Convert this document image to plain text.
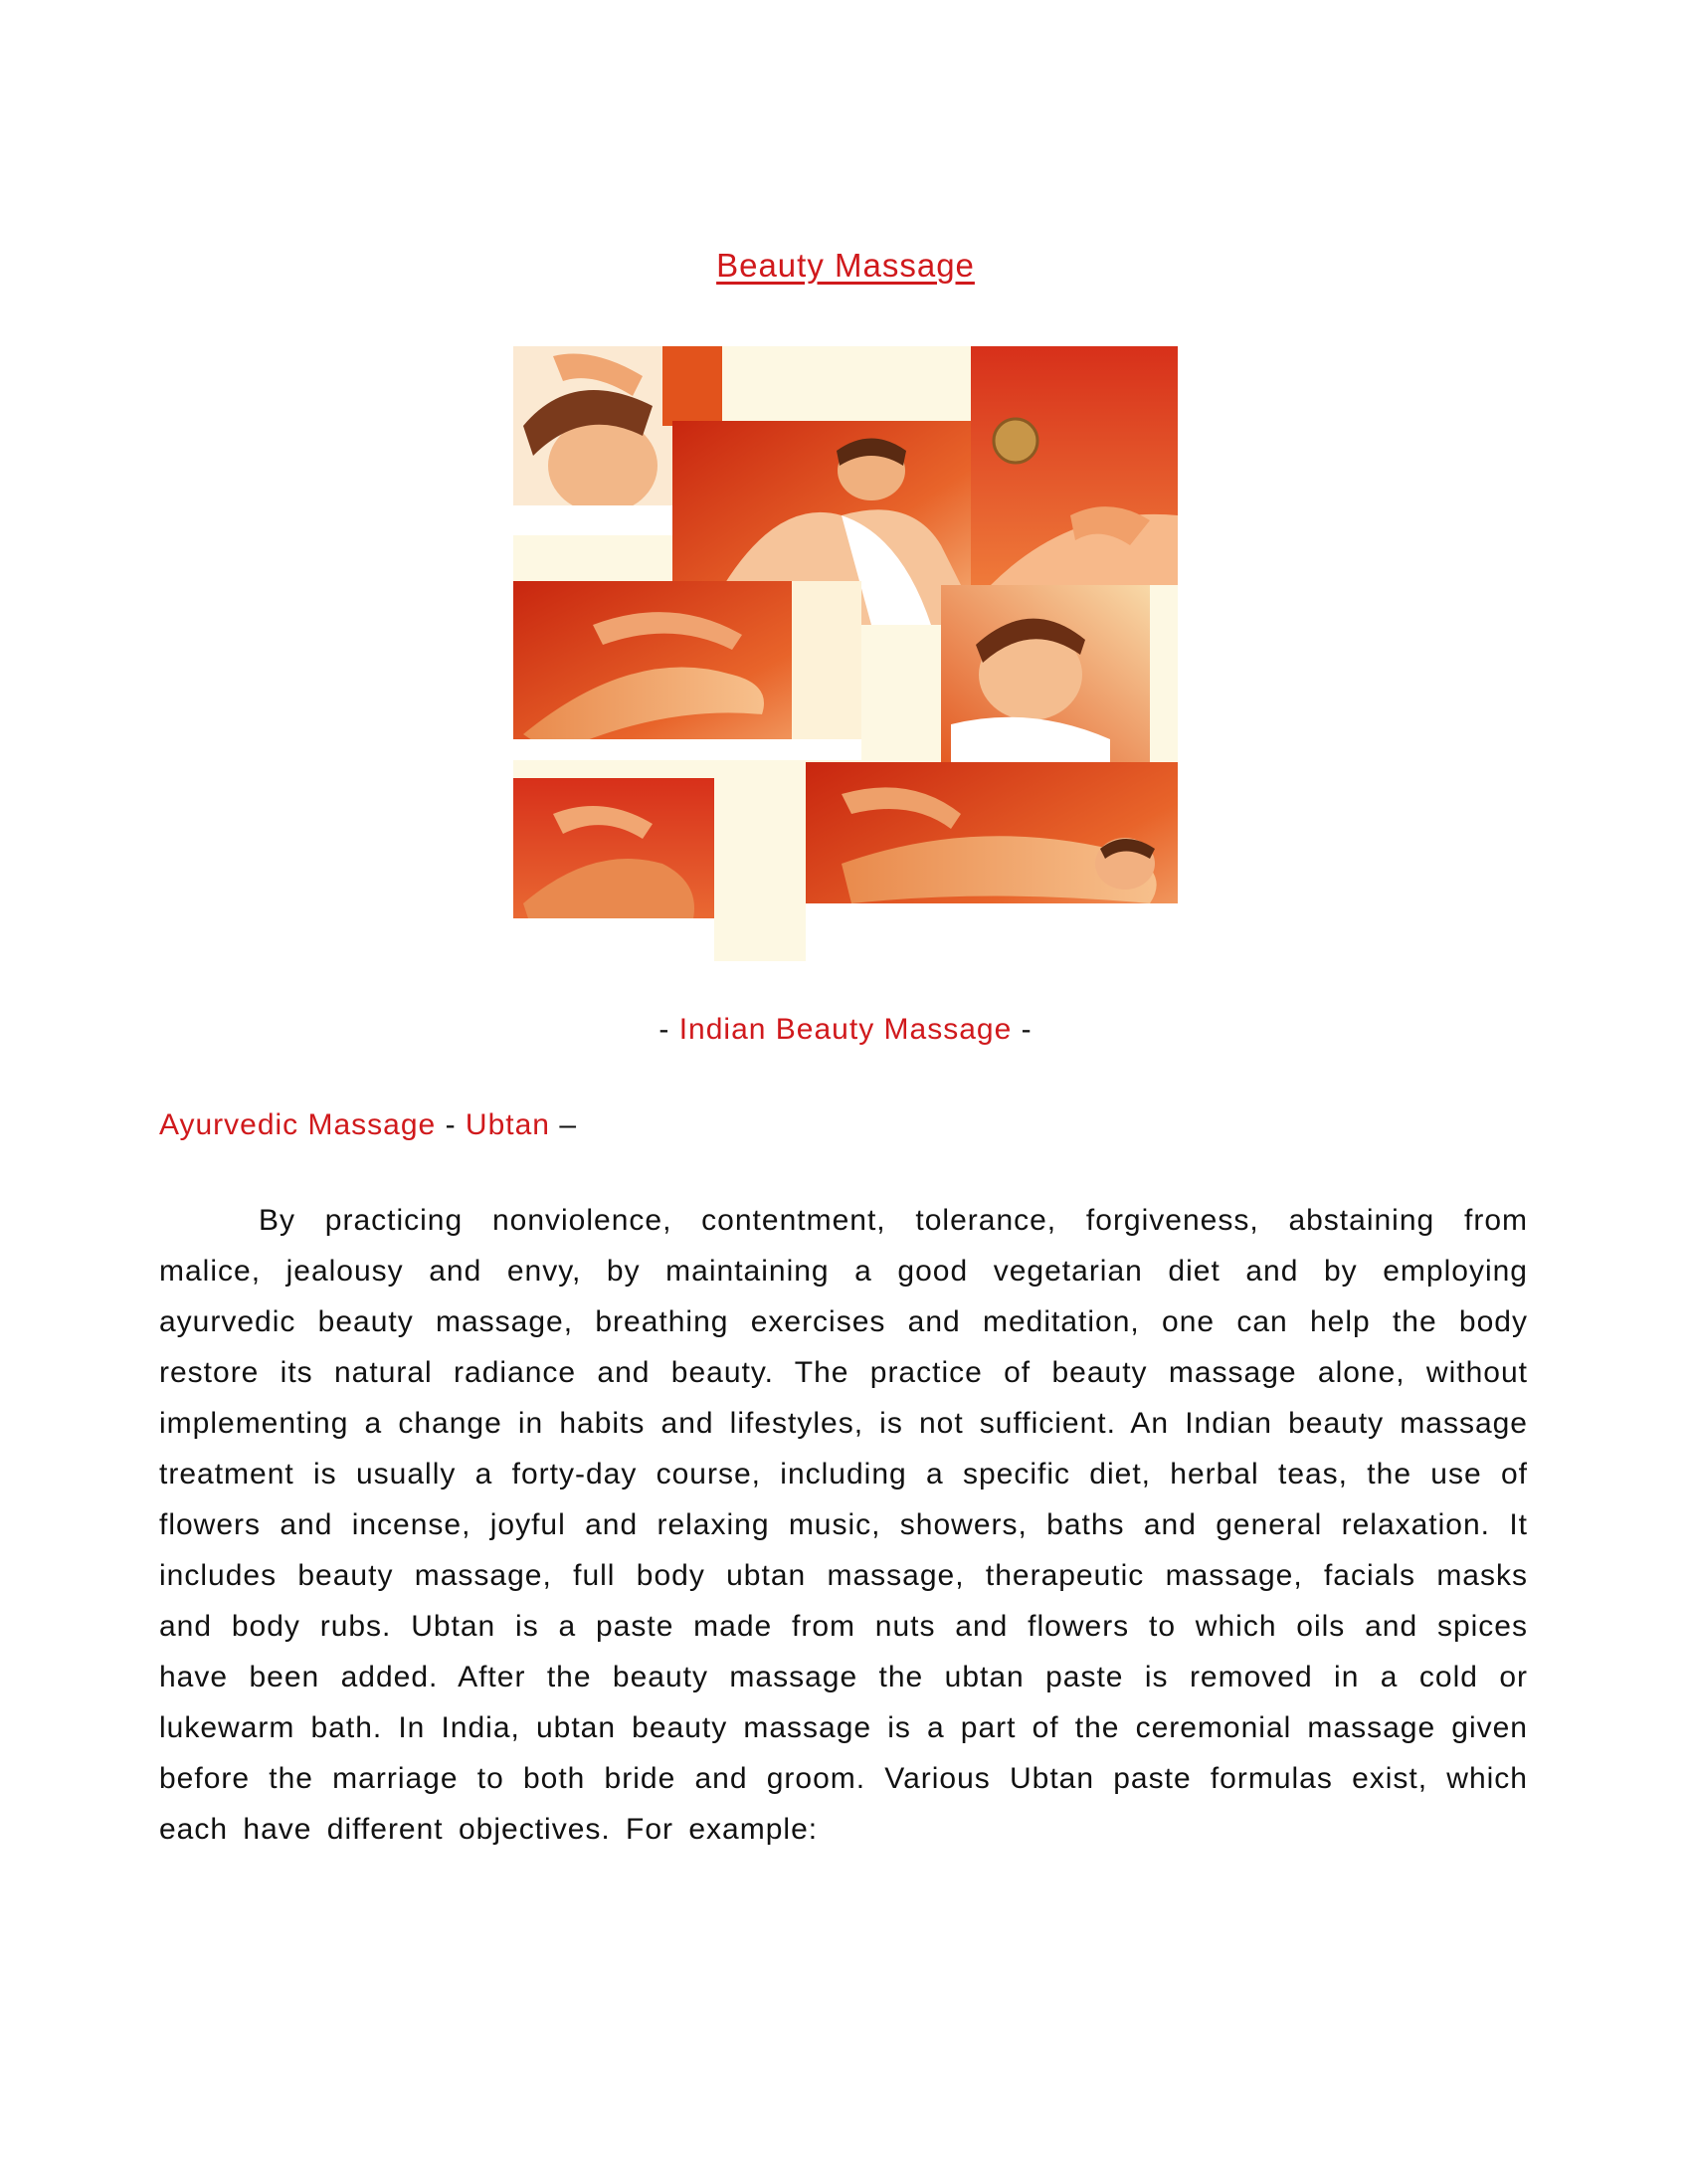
Beauty Massage
- Indian Beauty Massage -
Ayurvedic Massage - Ubtan –

By practicing nonviolence, contentment, tolerance, forgiveness, abstaining from malice, jealousy and envy, by maintaining a good vegetarian diet and by employing ayurvedic beauty massage, breathing exercises and meditation, one can help the body restore its natural radiance and beauty. The practice of beauty massage alone, without implementing a change in habits and lifestyles, is not sufficient. An Indian beauty massage treatment is usually a forty-day course, including a specific diet, herbal teas, the use of flowers and incense, joyful and relaxing music, showers, baths and general relaxation. It includes beauty massage, full body ubtan massage, therapeutic massage, facials masks and body rubs. Ubtan is a paste made from nuts and flowers to which oils and spices have been added. After the beauty massage the ubtan paste is removed in a cold or lukewarm bath. In India, ubtan beauty massage is a part of the ceremonial massage given before the marriage to both bride and groom. Various Ubtan paste formulas exist, which each have different objectives. For example:
